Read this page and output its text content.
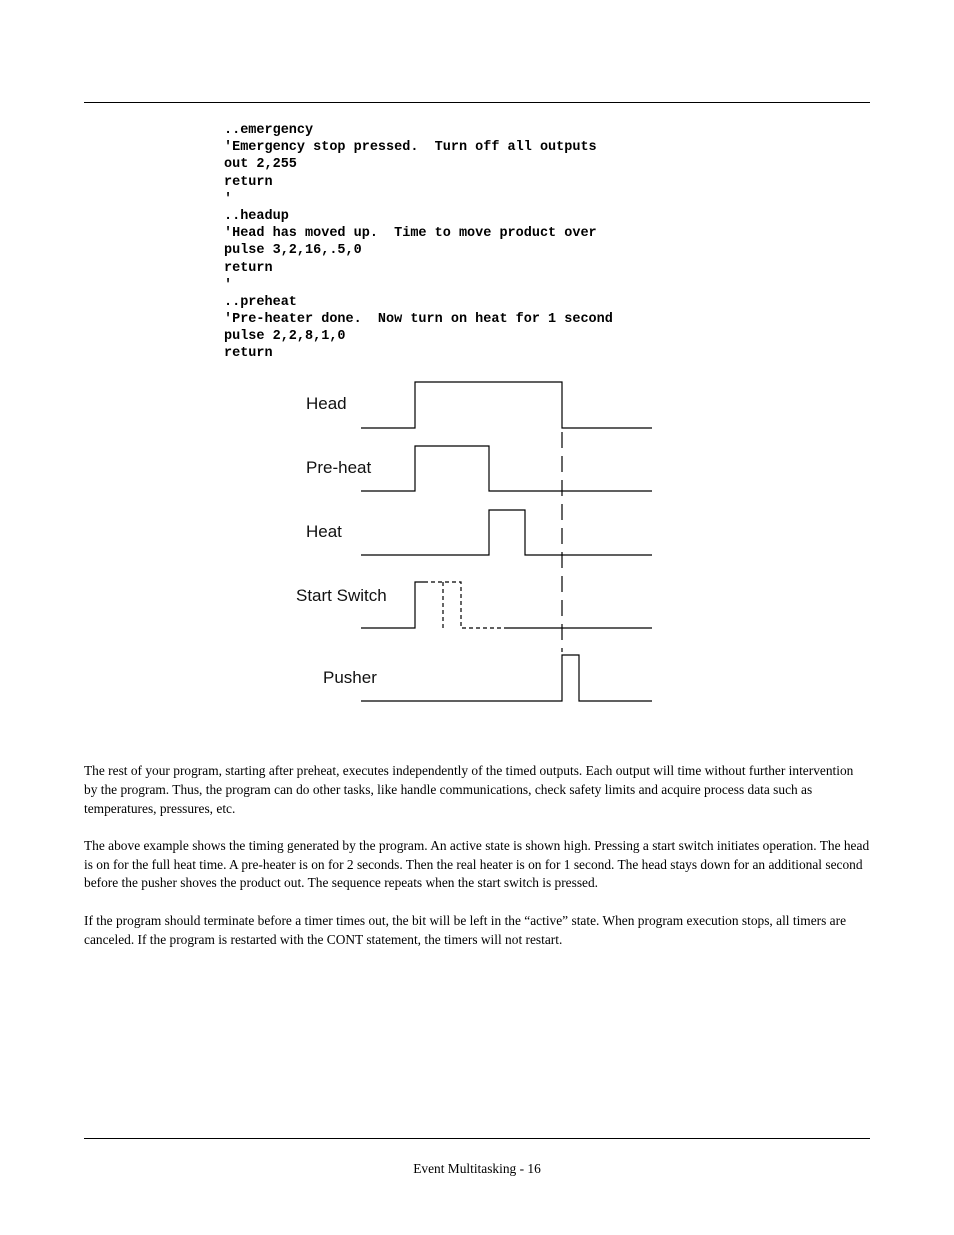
..emergency
'Emergency stop pressed.  Turn off all outputs
out 2,255
return
'
..headup
'Head has moved up.  Time to move product over
pulse 3,2,16,.5,0
return
'
..preheat
'Pre-heater done.  Now turn on heat for 1 second
pulse 2,2,8,1,0
return
Head
Pre-heat
Heat
Start Switch
Pusher

The rest of your program, starting after preheat, executes independently of the timed outputs. Each output will time without further intervention by the program. Thus, the program can do other tasks, like handle communications, check safety limits and acquire process data such as temperatures, pressures, etc.

The above example shows the timing generated by the program. An active state is shown high. Pressing a start switch initiates operation. The head is on for the full heat time. A pre-heater is on for 2 seconds. Then the real heater is on for 1 second. The head stays down for an additional second before the pusher shoves the product out. The sequence repeats when the start switch is pressed.

If the program should terminate before a timer times out, the bit will be left in the “active” state. When program execution stops, all timers are canceled. If the program is restarted with the CONT statement, the timers will not restart.

Event Multitasking - 16
